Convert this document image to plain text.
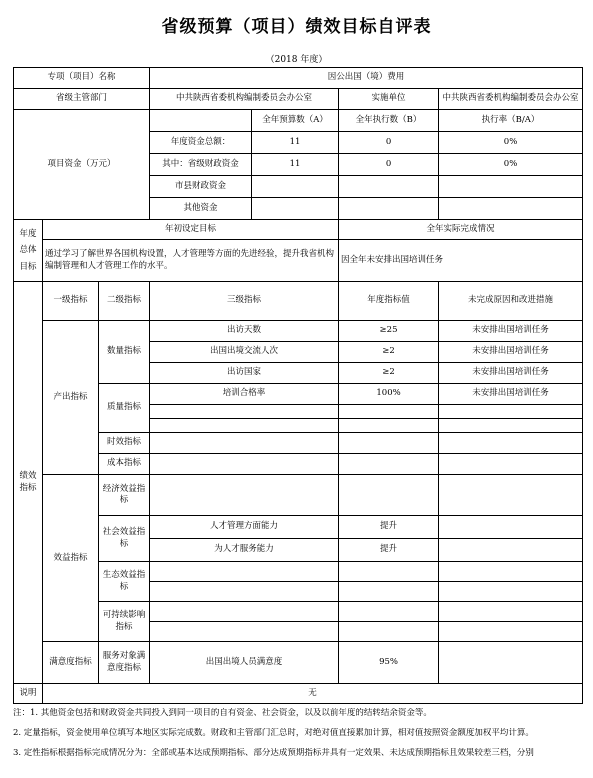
省级预算（项目）绩效目标自评表
（2018 年度）
专项（项目）名称			因公出国（境）费用			
省级主管部门			中共陕西省委机构编制委员会办公室		实施单位	中共陕西省委机构编制委员会办公室
项目资金（万元）				全年预算数（A）	全年执行数（B）	执行率（B/A）
			年度资金总额：	11	0	0%
			其中：省级财政资金	11	0	0%
			市县财政资金			
			其他资金			
年度总体目标	年初设定目标				全年实际完成情况	
	通过学习了解世界各国机构设置，人才管理等方面的先进经验，提升我省机构编制管理和人才管理工作的水平。				因全年未安排出国培训任务	
绩效指标	一级指标	二级指标	三级指标		年度指标值	未完成原因和改进措施
	产出指标	数量指标	出访天数		≥25	未安排出国培训任务
			出国出境交流人次		≥2	未安排出国培训任务
			出访国家		≥2	未安排出国培训任务
		质量指标	培训合格率		100%	未安排出国培训任务

		时效指标				
		成本指标				
	效益指标	经济效益指标				
		社会效益指标	人才管理方面能力		提升	
			为人才服务能力		提升	
		生态效益指标				

		可持续影响指标				

	满意度指标	服务对象满意度指标	出国出境人员满意度		95%	
说明	无					
注：1. 其他资金包括和财政资金共同投入到同一项目的自有资金、社会资金，以及以前年度的结转结余资金等。
2. 定量指标，资金使用单位填写本地区实际完成数。财政和主管部门汇总时，对绝对值直接累加计算，相对值按照资金额度加权平均计算。
3. 定性指标根据指标完成情况分为：全部或基本达成预期指标、部分达成预期指标并具有一定效果、未达成预期指标且效果较差三档，分别
